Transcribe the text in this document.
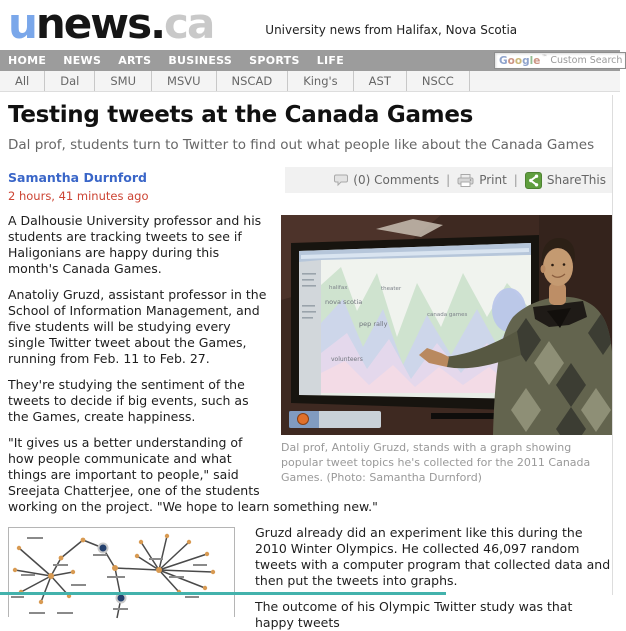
unews.ca	University news from Halifax, Nova Scotia
HOME NEWS ARTS BUSINESS SPORTS LIFE	Google ™ Custom Search
All	Dal	SMU	MSVU	NSCAD	King's	AST	NSCC
Testing tweets at the Canada Games

Dal prof, students turn to Twitter to find out what people like about the Canada Games

Samantha Durnford
2 hours, 41 minutes ago
(0) Comments | Print | ShareThis
halifax
nova scotia
theater
pep rally
canada games
volunteers
Dal prof, Antoliy Gruzd, stands with a graph showing popular tweet topics he's collected for the 2011 Canada Games. (Photo: Samantha Durnford)

A Dalhousie University professor and his students are tracking tweets to see if Haligonians are happy during this month's Canada Games.

Anatoliy Gruzd, assistant professor in the School of Information Management, and five students will be studying every single Twitter tweet about the Games, running from Feb. 11 to Feb. 27.

They're studying the sentiment of the tweets to decide if big events, such as the Games, create happiness.

"It gives us a better understanding of how people communicate and what things are important to people," said Sreejata Chatterjee, one of the students working on the project. "We hope to learn something new."

Gruzd already did an experiment like this during the 2010 Winter Olympics. He collected 46,097 random tweets with a computer program that collected data and then put the tweets into graphs.

The outcome of his Olympic Twitter study was that happy tweets
